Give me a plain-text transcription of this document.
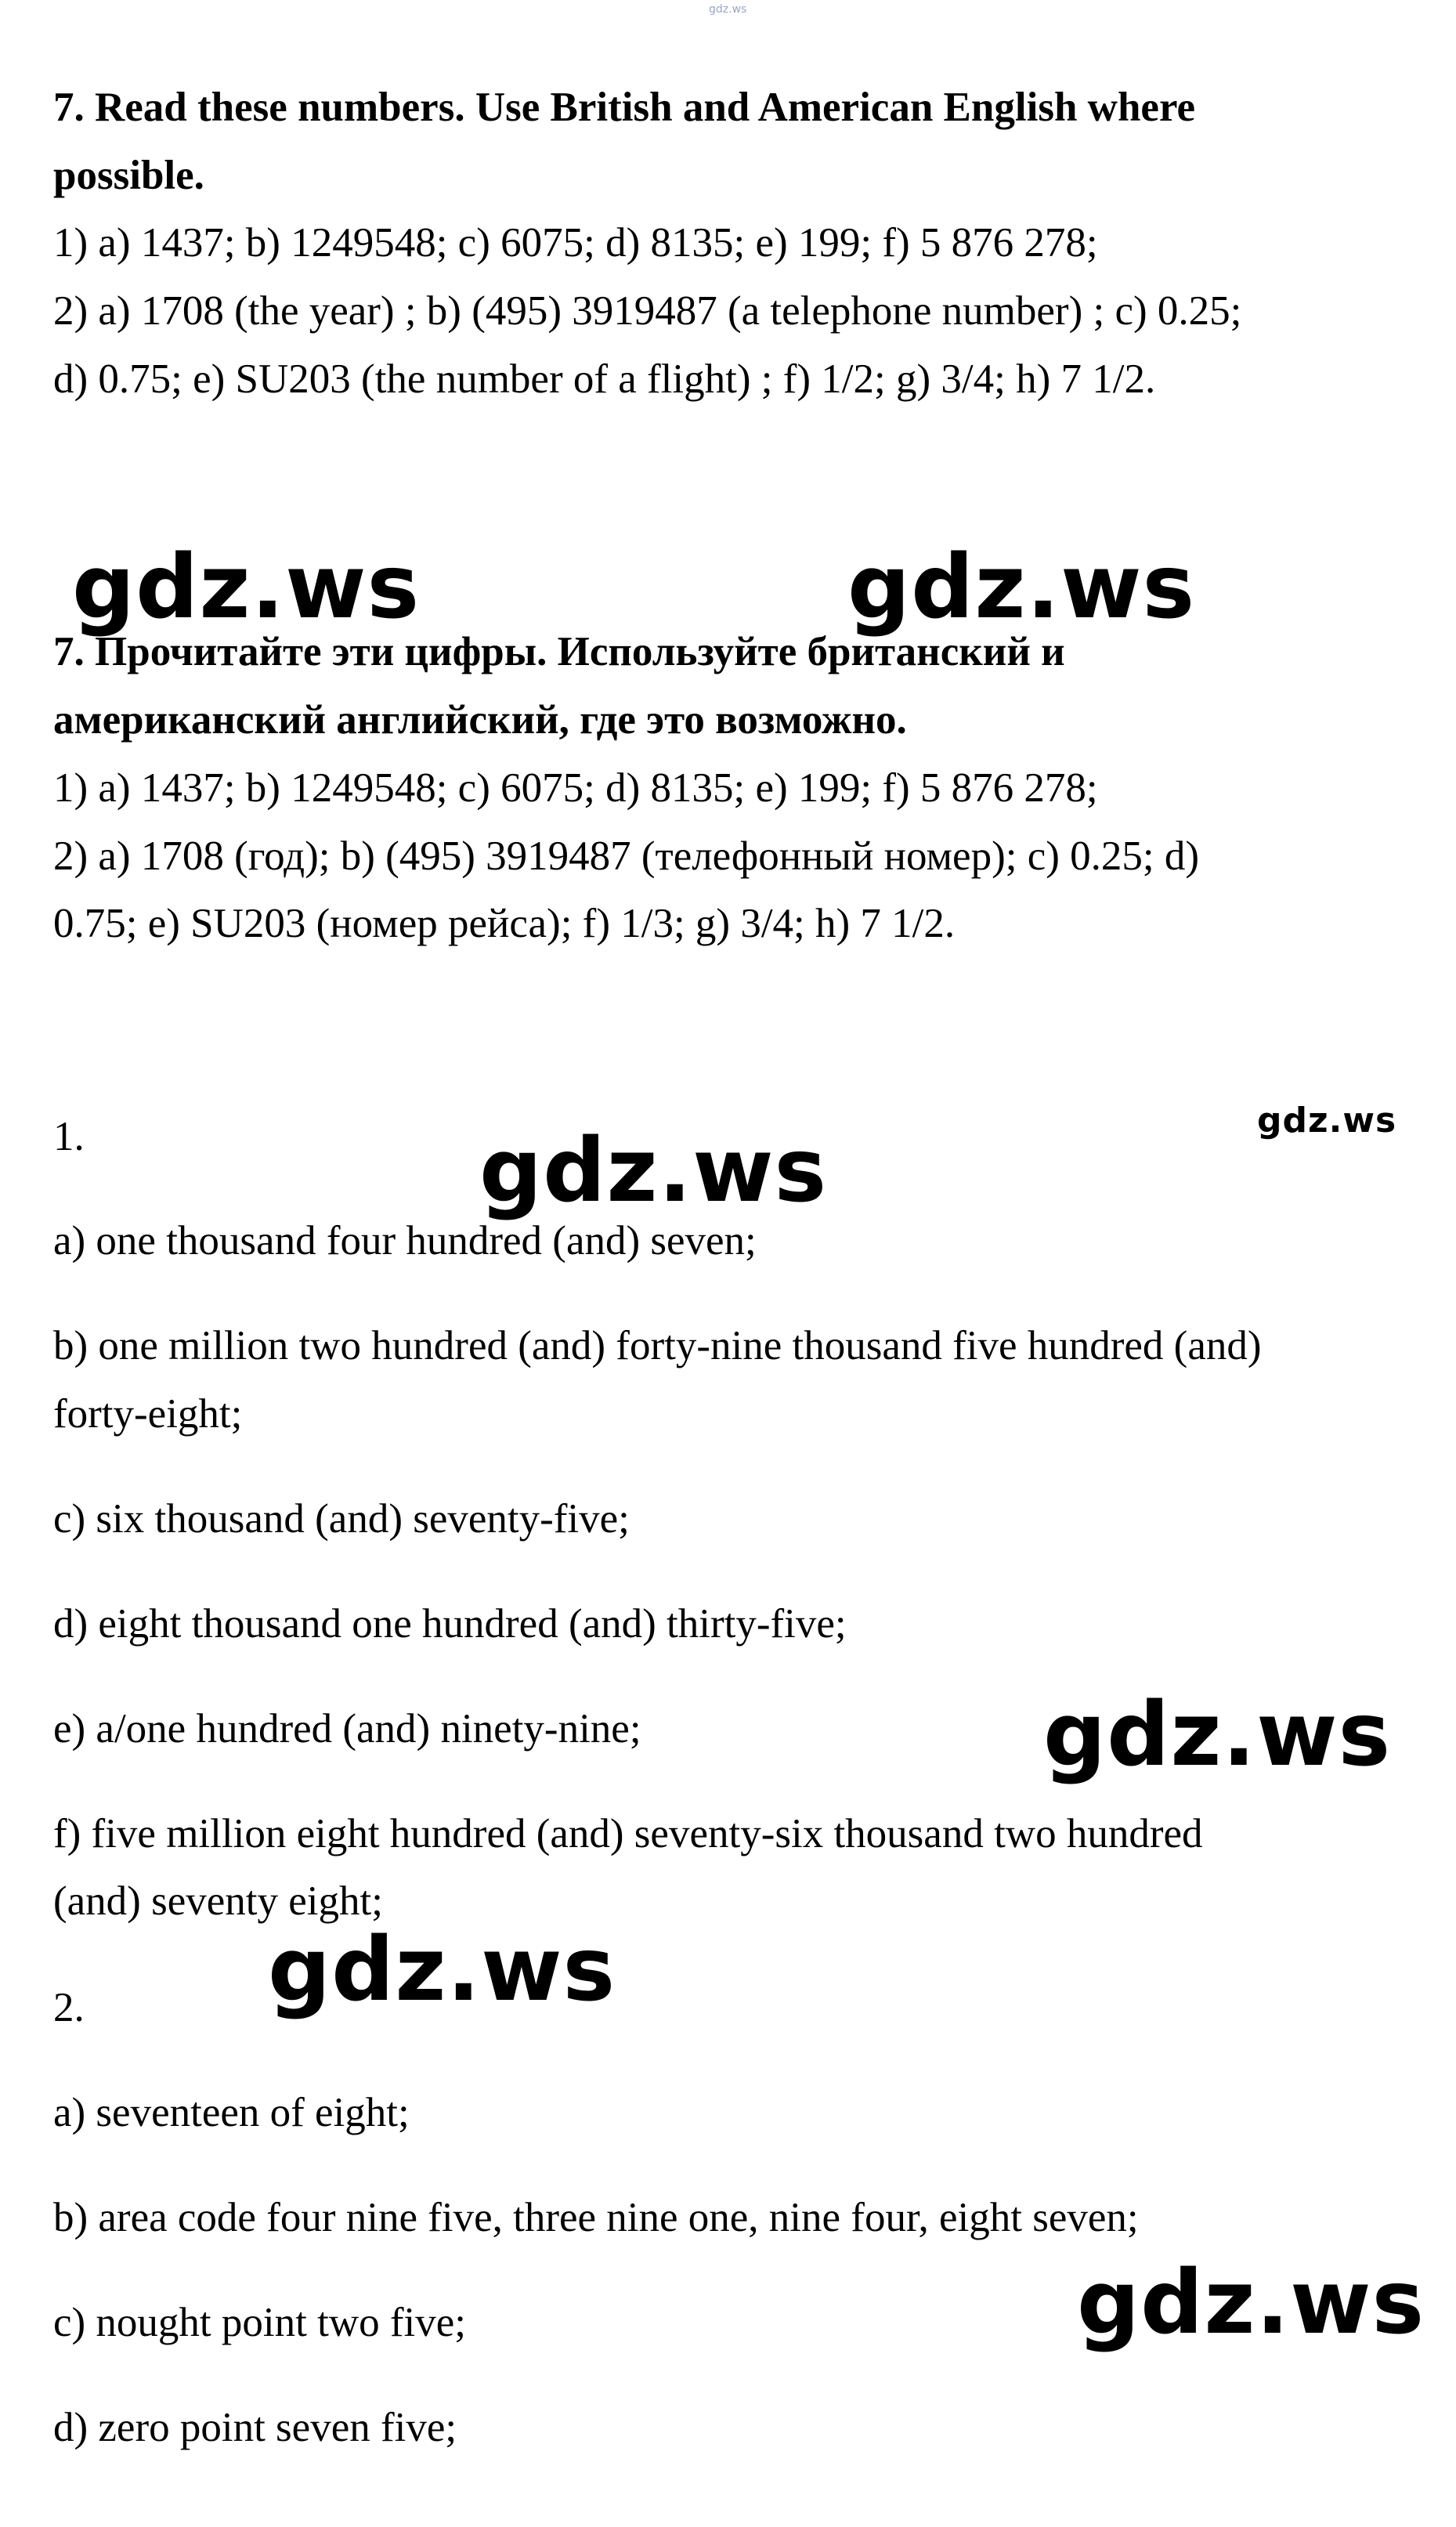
gdz.ws
7. Read these numbers. Use British and American English where
possible.
1) a) 1437; b) 1249548; c) 6075; d) 8135; e) 199; f) 5 876 278;
2) a) 1708 (the year) ; b) (495) 3919487 (a telephone number) ; c) 0.25;
d) 0.75; e) SU203 (the number of a flight) ; f) 1/2; g) 3/4; h) 7 1/2.
gdz.ws	gdz.ws
7. Прочитайте эти цифры. Используйте британский и
американский английский, где это возможно.
1) a) 1437; b) 1249548; c) 6075; d) 8135; e) 199; f) 5 876 278;
2) a) 1708 (год); b) (495) 3919487 (телефонный номер); c) 0.25; d)
0.75; e) SU203 (номер рейса); f) 1/3; g) 3/4; h) 7 1/2.
1.	gdz.ws
gdz.ws
a) one thousand four hundred (and) seven;
b) one million two hundred (and) forty-nine thousand five hundred (and)
forty-eight;
c) six thousand (and) seventy-five;
d) eight thousand one hundred (and) thirty-five;
e) a/one hundred (and) ninety-nine;	gdz.ws
f) five million eight hundred (and) seventy-six thousand two hundred
(and) seventy eight;
gdz.ws
2.
a) seventeen of eight;
b) area code four nine five, three nine one, nine four, eight seven;
gdz.ws
c) nought point two five;
d) zero point seven five;
